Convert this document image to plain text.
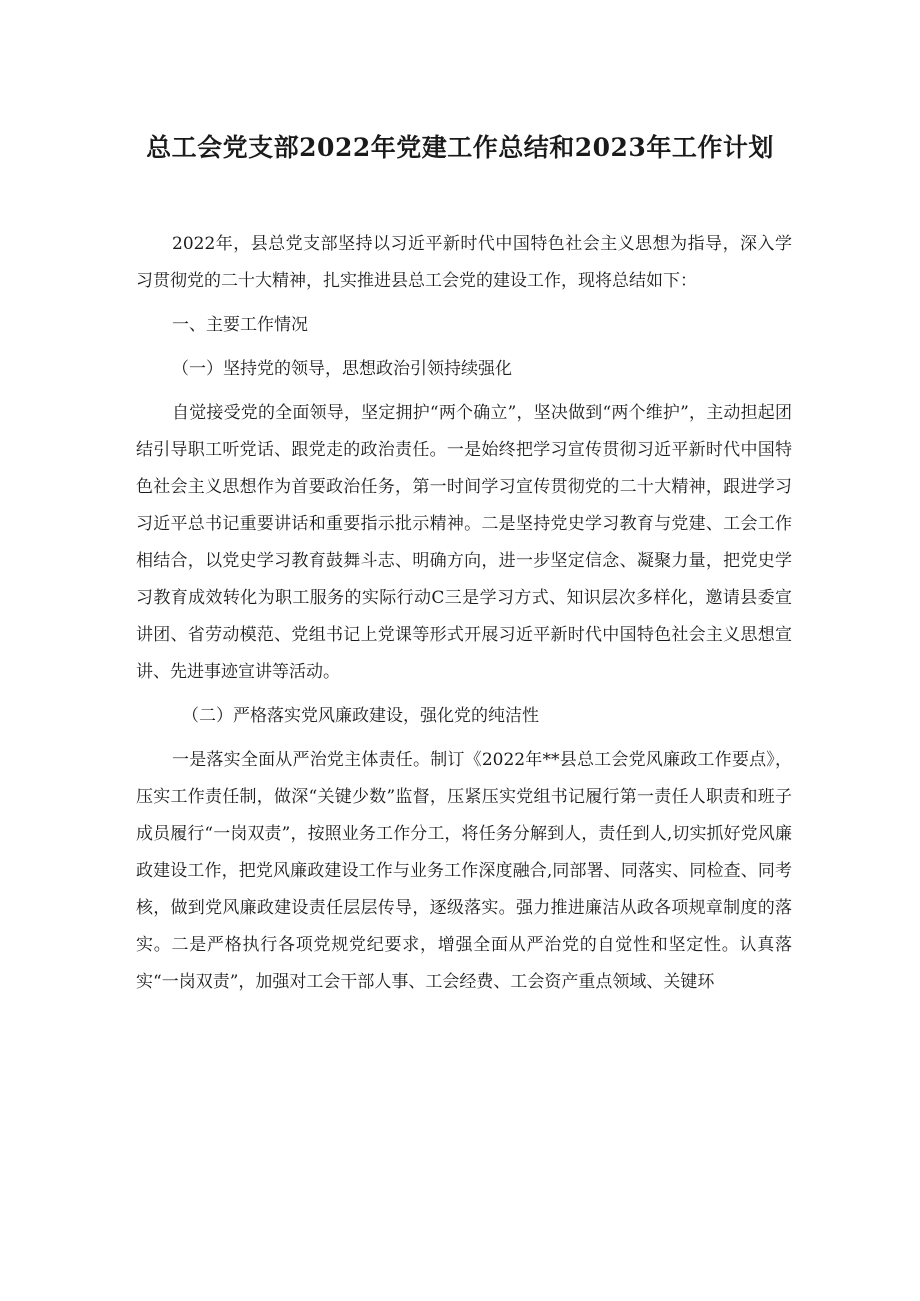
总工会党支部2022年党建工作总结和2023年工作计划

2022年，县总党支部坚持以习近平新时代中国特色社会主义思想为指导，深入学习贯彻党的二十大精神，扎实推进县总工会党的建设工作，现将总结如下：

一、主要工作情况

（一）坚持党的领导，思想政治引领持续强化

自觉接受党的全面领导，坚定拥护“两个确立”，坚决做到“两个维护”，主动担起团结引导职工听党话、跟党走的政治责任。一是始终把学习宣传贯彻习近平新时代中国特色社会主义思想作为首要政治任务，第一时间学习宣传贯彻党的二十大精神，跟进学习习近平总书记重要讲话和重要指示批示精神。二是坚持党史学习教育与党建、工会工作相结合，以党史学习教育鼓舞斗志、明确方向，进一步坚定信念、凝聚力量，把党史学习教育成效转化为职工服务的实际行动C三是学习方式、知识层次多样化，邀请县委宣讲团、省劳动模范、党组书记上党课等形式开展习近平新时代中国特色社会主义思想宣讲、先进事迹宣讲等活动。

（二）严格落实党风廉政建设，强化党的纯洁性

一是落实全面从严治党主体责任。制订《2022年**县总工会党风廉政工作要点》，压实工作责任制，做深“关键少数”监督，压紧压实党组书记履行第一责任人职责和班子成员履行“一岗双责”，按照业务工作分工，将任务分解到人，责任到人,切实抓好党风廉政建设工作，把党风廉政建设工作与业务工作深度融合,同部署、同落实、同检查、同考核，做到党风廉政建设责任层层传导，逐级落实。强力推进廉洁从政各项规章制度的落实。二是严格执行各项党规党纪要求，增强全面从严治党的自觉性和坚定性。认真落实“一岗双责”，加强对工会干部人事、工会经费、工会资产重点领域、关键环
